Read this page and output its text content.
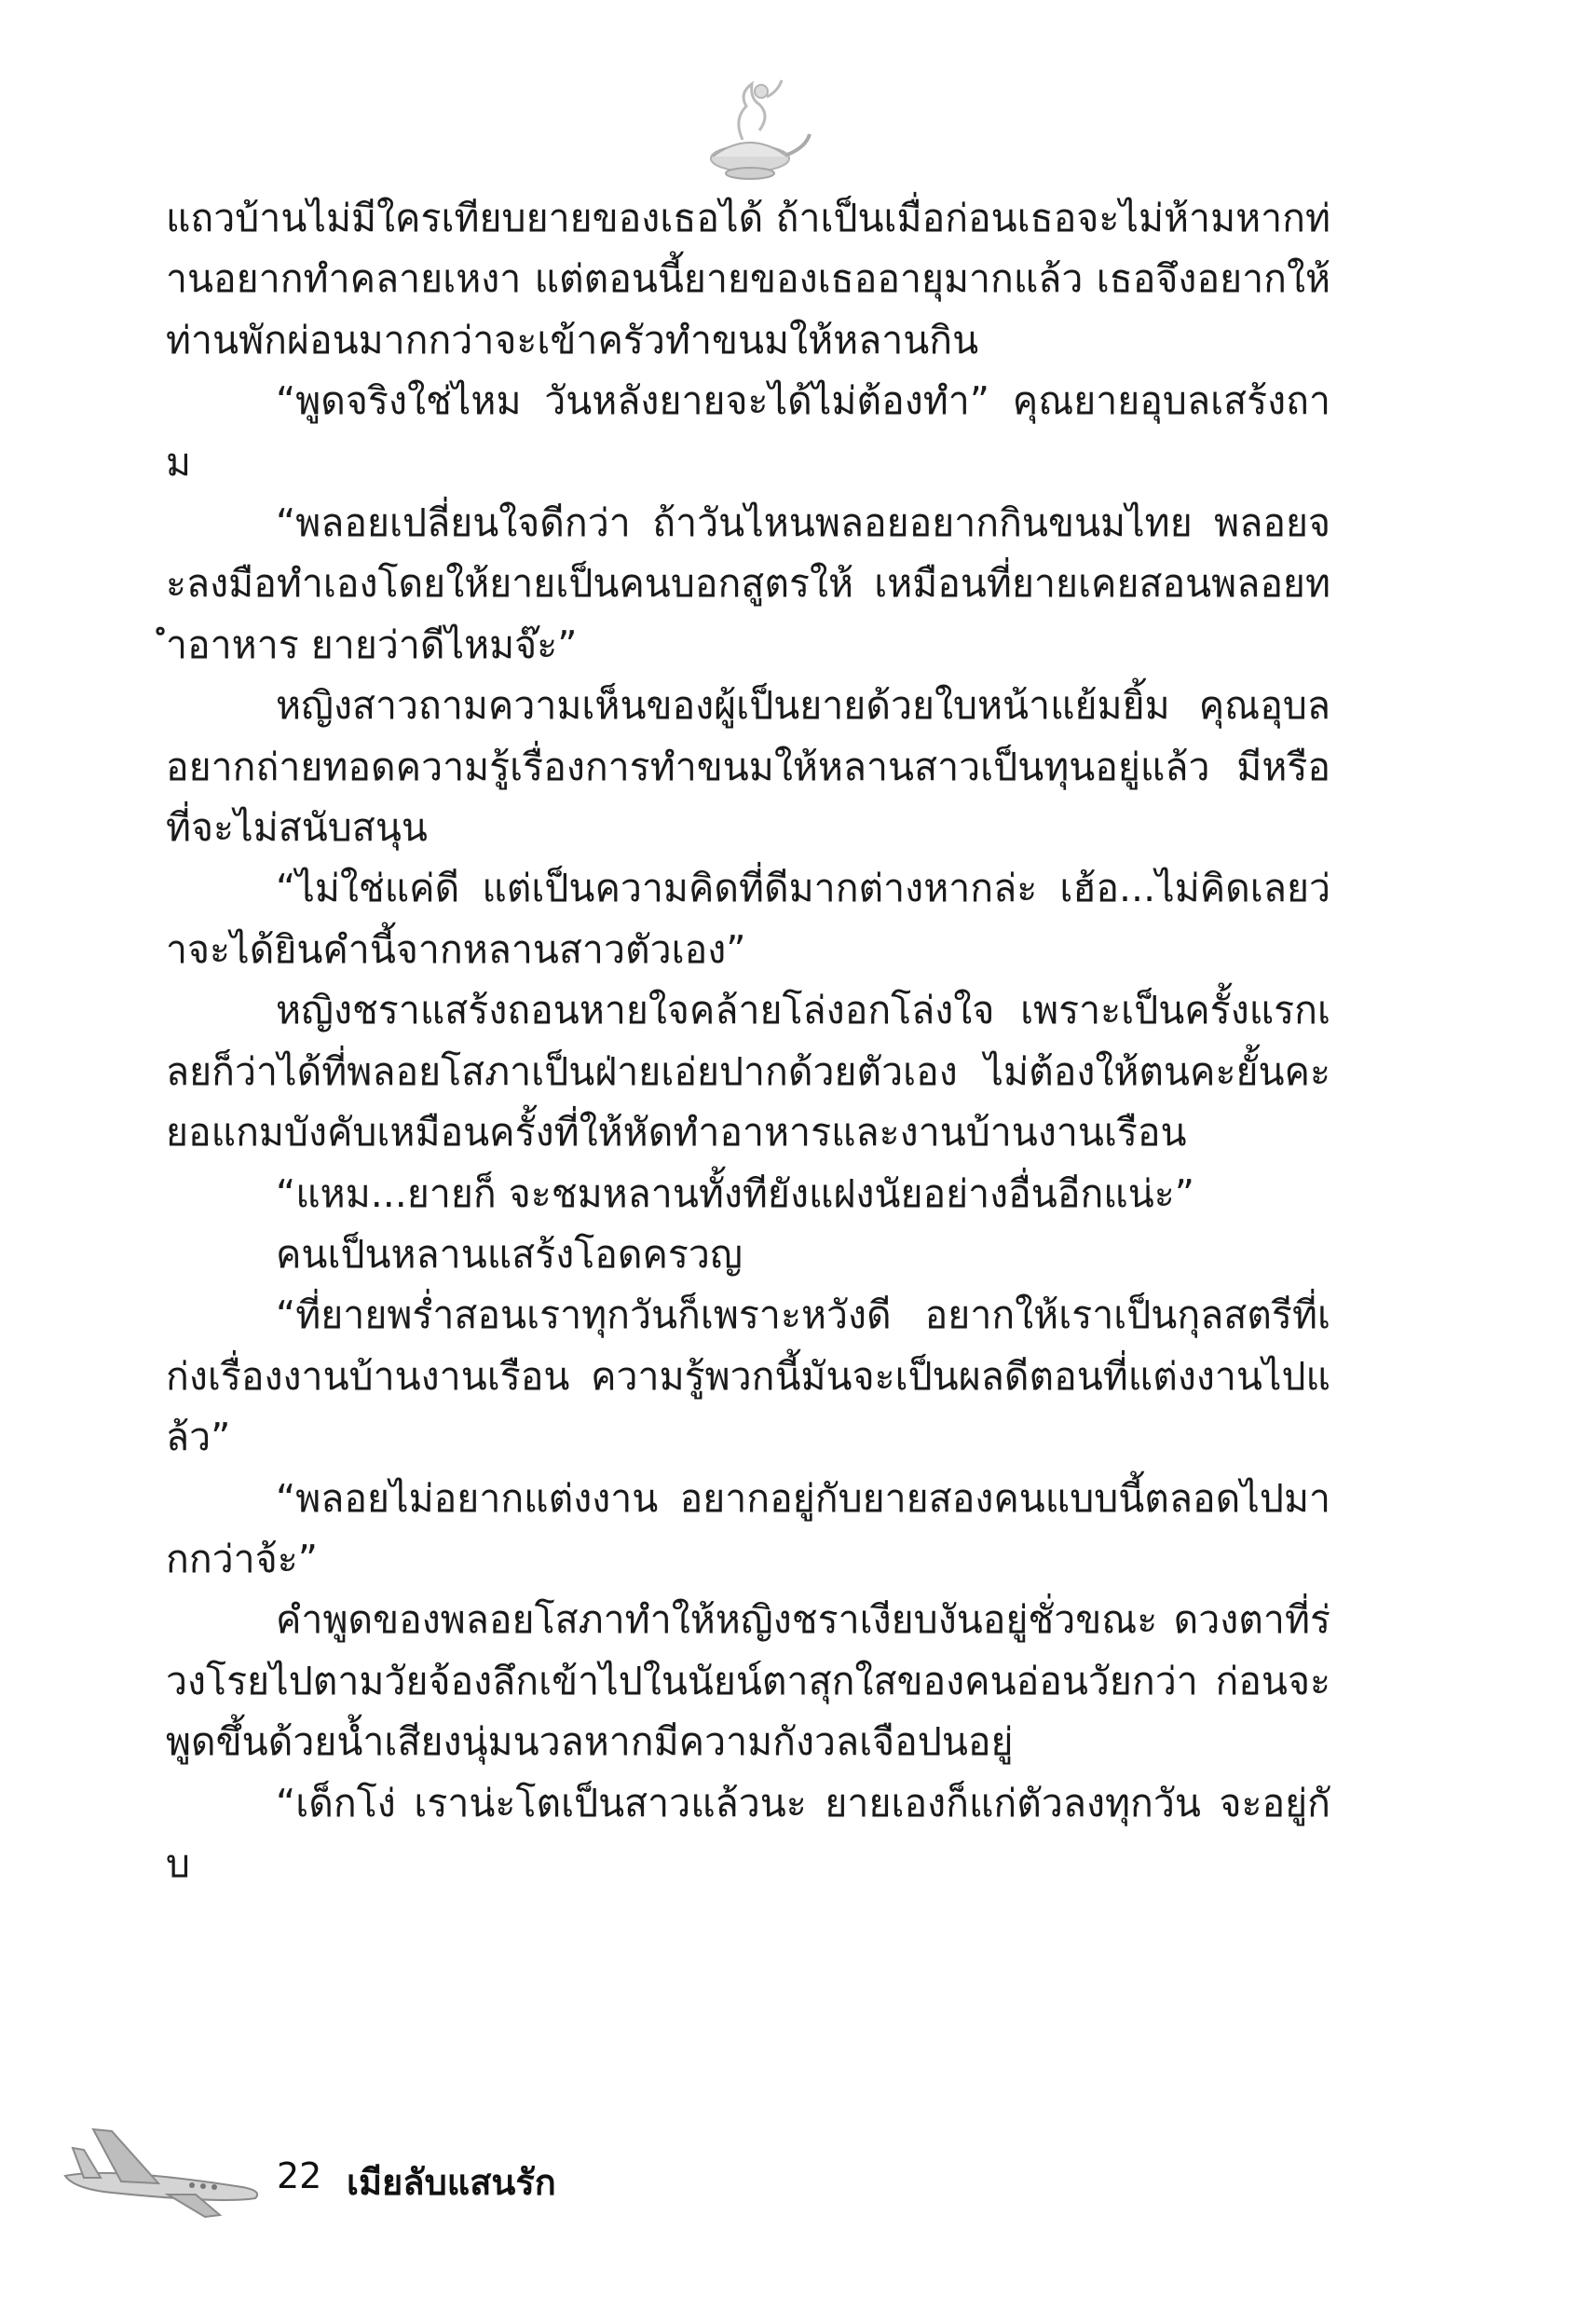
แถวบ้านไม่มีใครเทียบยายของเธอได้ ถ้าเป็นเมื่อก่อนเธอจะไม่ห้ามหากท่านอยากทำคลายเหงา แต่ตอนนี้ยายของเธออายุมากแล้ว เธอจึงอยากให้ท่านพักผ่อนมากกว่าจะเข้าครัวทำขนมให้หลานกิน

“พูดจริงใช่ไหม วันหลังยายจะได้ไม่ต้องทำ” คุณยายอุบลเสร้งถาม

“พลอยเปลี่ยนใจดีกว่า ถ้าวันไหนพลอยอยากกินขนมไทย พลอยจะลงมือทำเองโดยให้ยายเป็นคนบอกสูตรให้ เหมือนที่ยายเคยสอนพลอยทำอาหาร ยายว่าดีไหมจ๊ะ”

หญิงสาวถามความเห็นของผู้เป็นยายด้วยใบหน้าแย้มยิ้ม คุณอุบลอยากถ่ายทอดความรู้เรื่องการทำขนมให้หลานสาวเป็นทุนอยู่แล้ว มีหรือที่จะไม่สนับสนุน

“ไม่ใช่แค่ดี แต่เป็นความคิดที่ดีมากต่างหากล่ะ เฮ้อ...ไม่คิดเลยว่าจะได้ยินคำนี้จากหลานสาวตัวเอง”

หญิงชราแสร้งถอนหายใจคล้ายโล่งอกโล่งใจ เพราะเป็นครั้งแรกเลยก็ว่าได้ที่พลอยโสภาเป็นฝ่ายเอ่ยปากด้วยตัวเอง ไม่ต้องให้ตนคะยั้นคะยอแกมบังคับเหมือนครั้งที่ให้หัดทำอาหารและงานบ้านงานเรือน

“แหม...ยายก็ จะชมหลานทั้งทียังแฝงนัยอย่างอื่นอีกแน่ะ”

คนเป็นหลานแสร้งโอดครวญ

“ที่ยายพร่ำสอนเราทุกวันก็เพราะหวังดี อยากให้เราเป็นกุลสตรีที่เก่งเรื่องงานบ้านงานเรือน ความรู้พวกนี้มันจะเป็นผลดีตอนที่แต่งงานไปแล้ว”

“พลอยไม่อยากแต่งงาน อยากอยู่กับยายสองคนแบบนี้ตลอดไปมากกว่าจ้ะ”

คำพูดของพลอยโสภาทำให้หญิงชราเงียบงันอยู่ชั่วขณะ ดวงตาที่ร่วงโรยไปตามวัยจ้องลึกเข้าไปในนัยน์ตาสุกใสของคนอ่อนวัยกว่า ก่อนจะพูดขึ้นด้วยน้ำเสียงนุ่มนวลหากมีความกังวลเจือปนอยู่

“เด็กโง่ เราน่ะโตเป็นสาวแล้วนะ ยายเองก็แก่ตัวลงทุกวัน จะอยู่กับ

22 เมียลับแสนรัก
